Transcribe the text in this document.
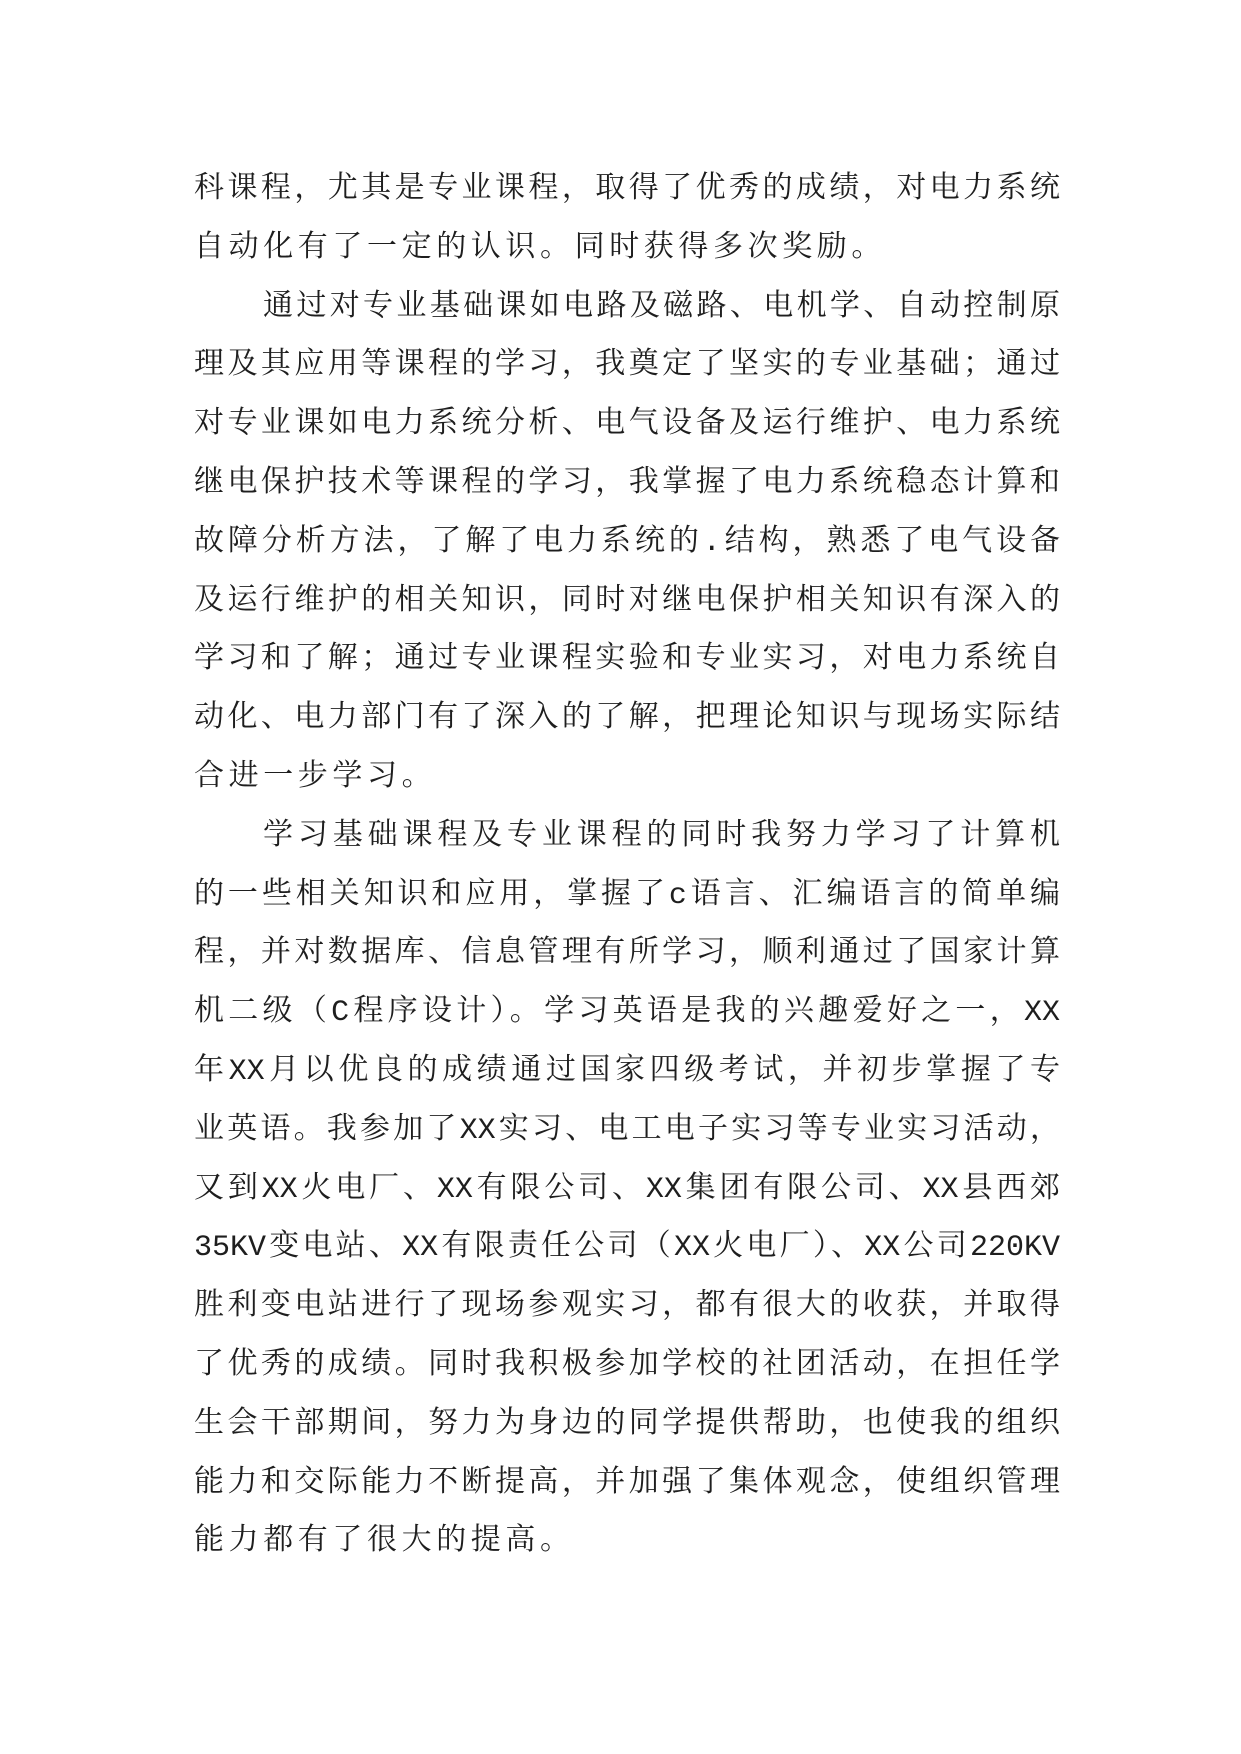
科课程，尤其是专业课程，取得了优秀的成绩，对电力系统
自动化有了一定的认识。同时获得多次奖励。
通过对专业基础课如电路及磁路、电机学、自动控制原
理及其应用等课程的学习，我奠定了坚实的专业基础；通过
对专业课如电力系统分析、电气设备及运行维护、电力系统
继电保护技术等课程的学习，我掌握了电力系统稳态计算和
故障分析方法，了解了电力系统的.结构，熟悉了电气设备
及运行维护的相关知识，同时对继电保护相关知识有深入的
学习和了解；通过专业课程实验和专业实习，对电力系统自
动化、电力部门有了深入的了解，把理论知识与现场实际结
合进一步学习。
学习基础课程及专业课程的同时我努力学习了计算机
的一些相关知识和应用，掌握了c语言、汇编语言的简单编
程，并对数据库、信息管理有所学习，顺利通过了国家计算
机二级（C程序设计）。学习英语是我的兴趣爱好之一，XX
年XX月以优良的成绩通过国家四级考试，并初步掌握了专
业英语。我参加了XX实习、电工电子实习等专业实习活动，
又到XX火电厂、XX有限公司、XX集团有限公司、XX县西郊
35KV变电站、XX有限责任公司（XX火电厂）、XX公司220KV
胜利变电站进行了现场参观实习，都有很大的收获，并取得
了优秀的成绩。同时我积极参加学校的社团活动，在担任学
生会干部期间，努力为身边的同学提供帮助，也使我的组织
能力和交际能力不断提高，并加强了集体观念，使组织管理
能力都有了很大的提高。
